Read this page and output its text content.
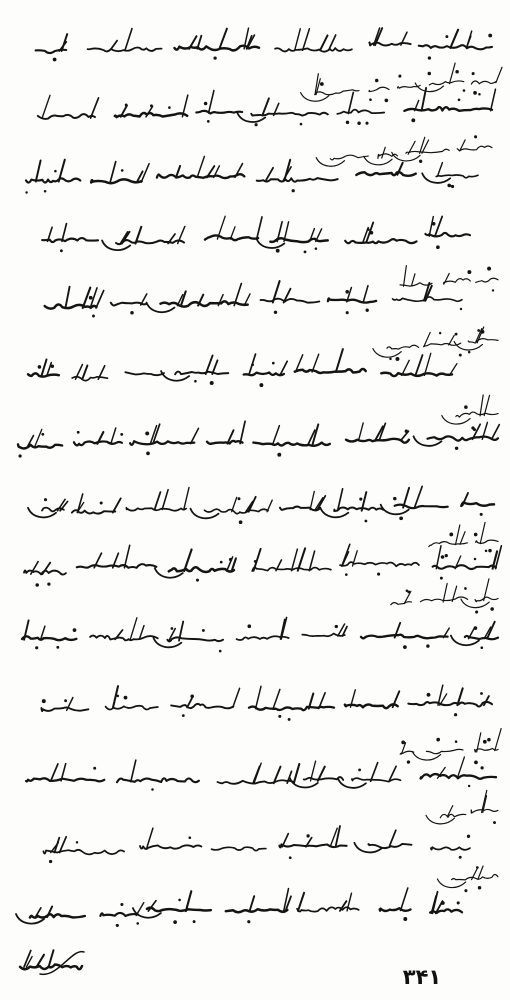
۳۴۱
